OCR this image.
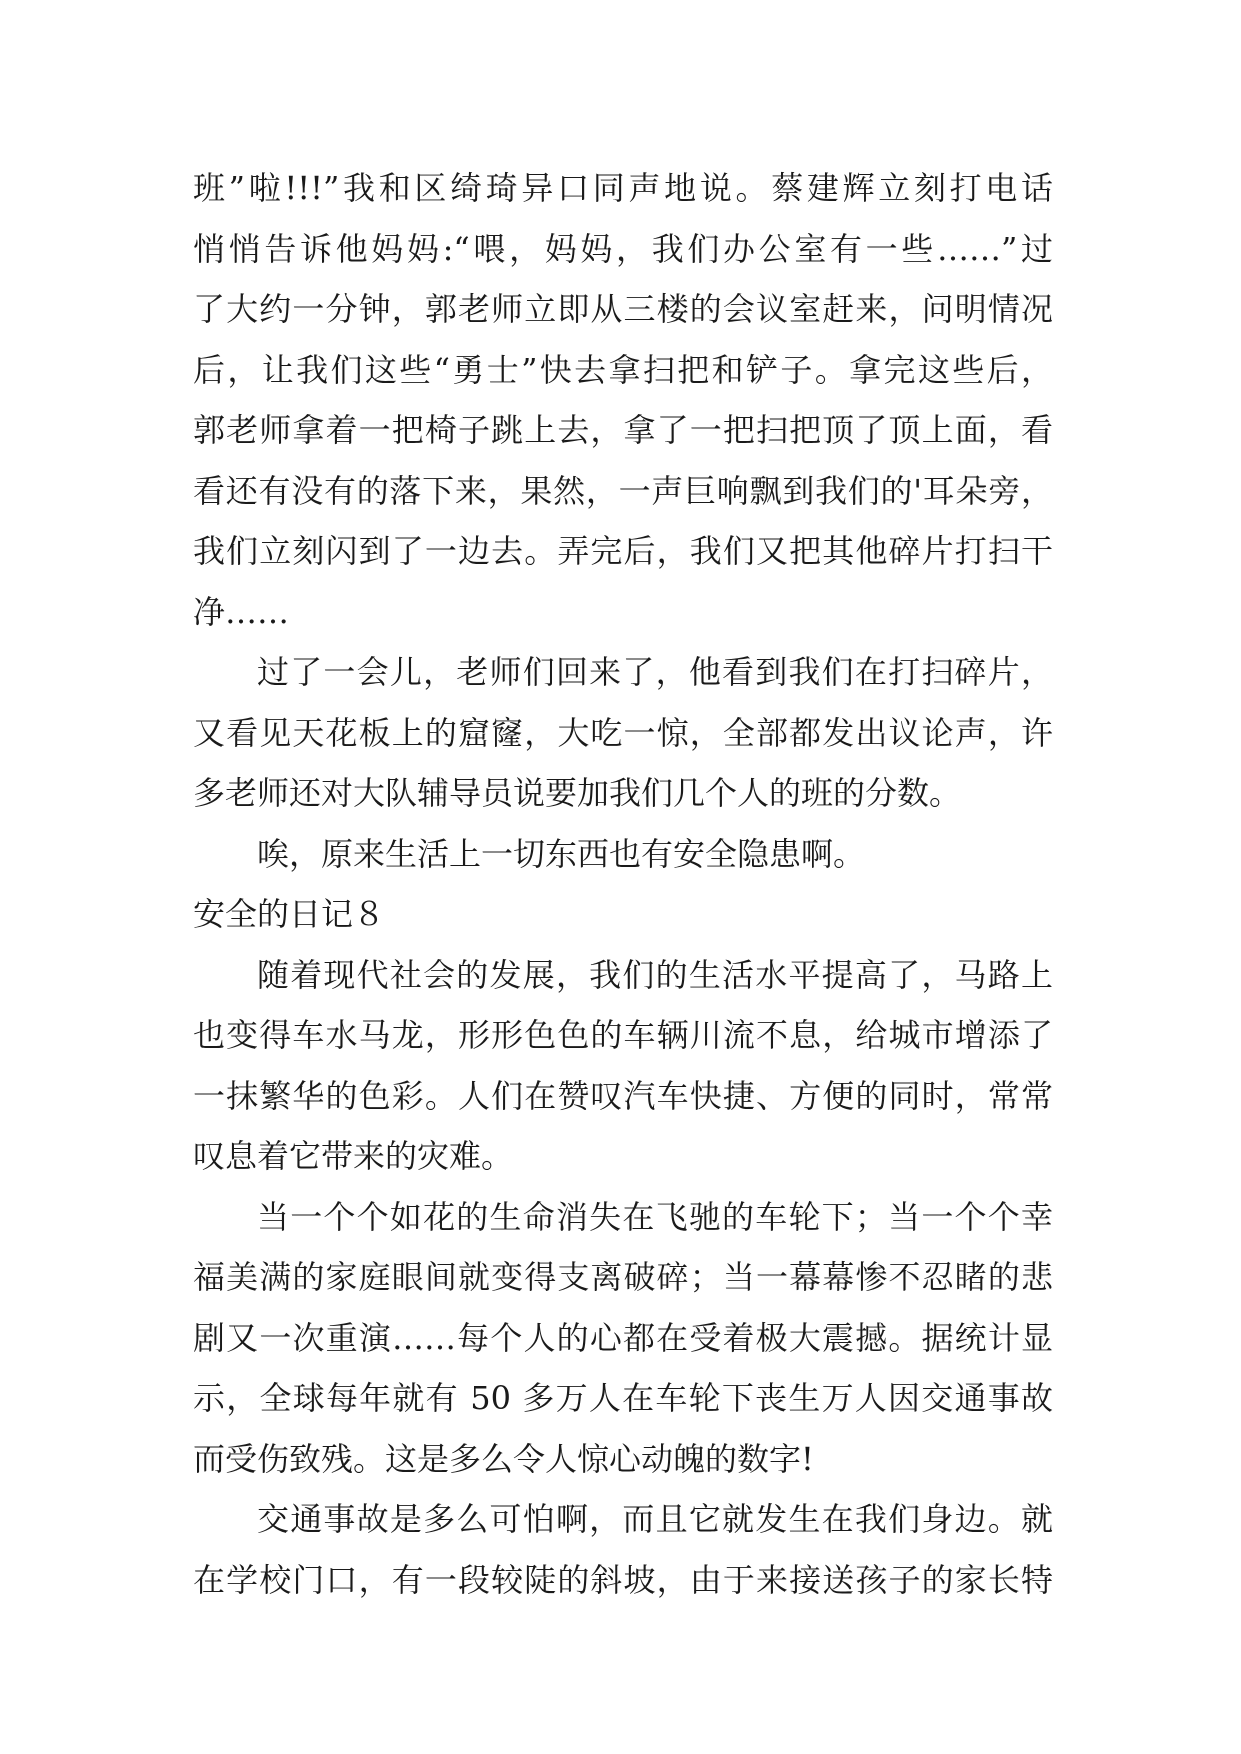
班”啦!!!”我和区绮琦异口同声地说。蔡建辉立刻打电话
悄悄告诉他妈妈:“喂，妈妈，我们办公室有一些……”过
了大约一分钟，郭老师立即从三楼的会议室赶来，问明情况
后，让我们这些“勇士”快去拿扫把和铲子。拿完这些后，
郭老师拿着一把椅子跳上去，拿了一把扫把顶了顶上面，看
看还有没有的落下来，果然，一声巨响飘到我们的'耳朵旁，
我们立刻闪到了一边去。弄完后，我们又把其他碎片打扫干
净……
过了一会儿，老师们回来了，他看到我们在打扫碎片，
又看见天花板上的窟窿，大吃一惊，全部都发出议论声，许
多老师还对大队辅导员说要加我们几个人的班的分数。
唉，原来生活上一切东西也有安全隐患啊。
安全的日记８
随着现代社会的发展，我们的生活水平提高了，马路上
也变得车水马龙，形形色色的车辆川流不息，给城市增添了
一抹繁华的色彩。人们在赞叹汽车快捷、方便的同时，常常
叹息着它带来的灾难。
当一个个如花的生命消失在飞驰的车轮下；当一个个幸
福美满的家庭眼间就变得支离破碎；当一幕幕惨不忍睹的悲
剧又一次重演……每个人的心都在受着极大震撼。据统计显
示，全球每年就有 50 多万人在车轮下丧生万人因交通事故
而受伤致残。这是多么令人惊心动魄的数字!
交通事故是多么可怕啊，而且它就发生在我们身边。就
在学校门口，有一段较陡的斜坡，由于来接送孩子的家长特
